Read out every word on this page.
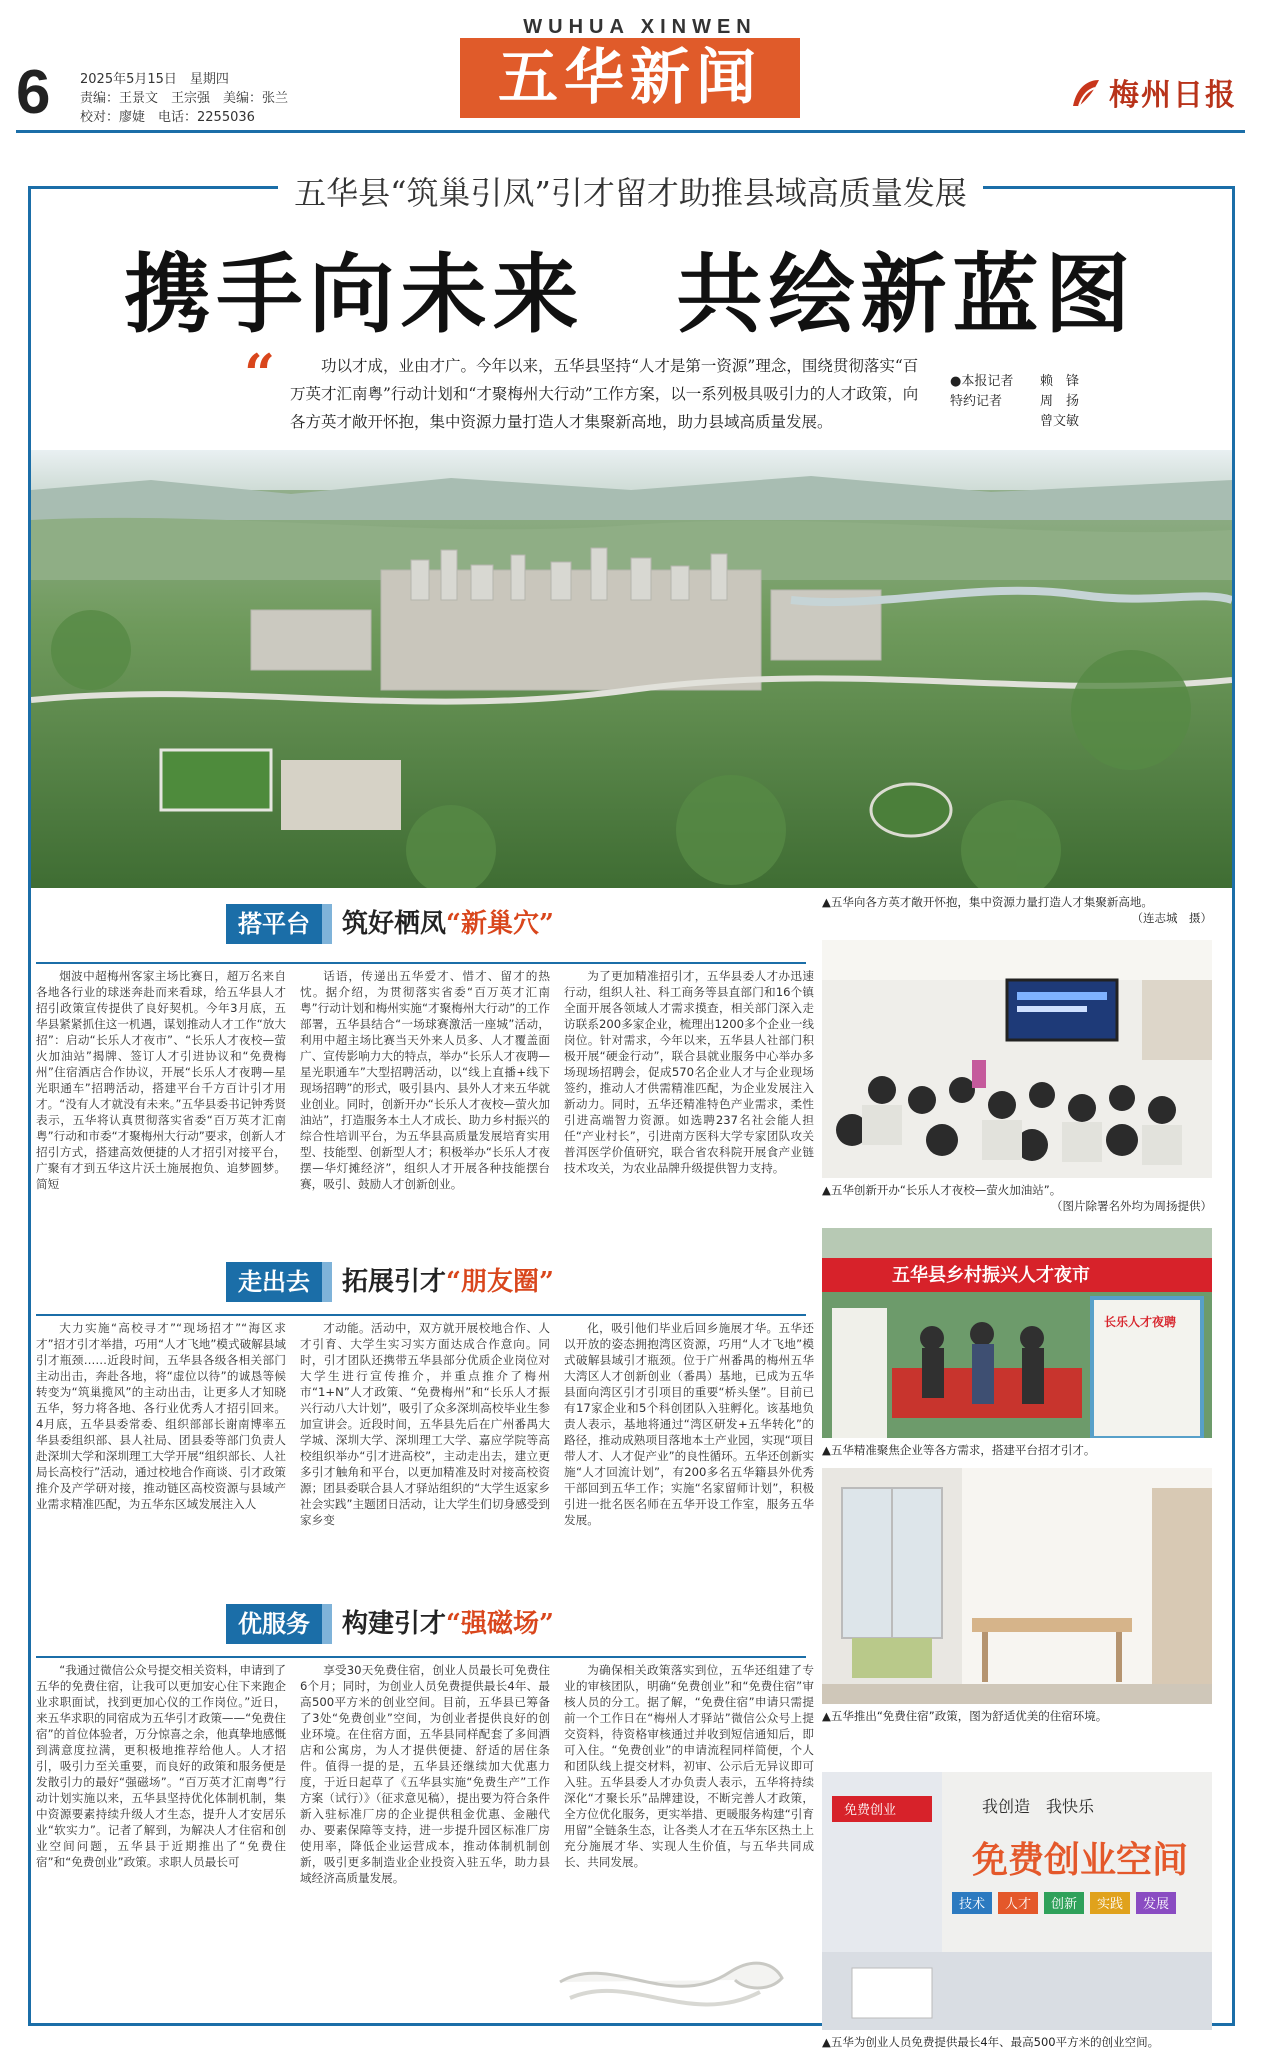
6 2025年5月15日　星期四
责编：王景文　王宗强　美编：张兰
校对：廖婕　电话：2255036
WUHUA XINWEN
五华新闻	梅州日报
五华县“筑巢引凤”引才留才助推县域高质量发展
携手向未来　共绘新蓝图
“	功以才成，业由才广。今年以来，五华县坚持“人才是第一资源”理念，围绕贯彻落实“百万英才汇南粤”行动计划和“才聚梅州大行动”工作方案，以一系列极具吸引力的人才政策，向各方英才敞开怀抱，集中资源力量打造人才集聚新高地，助力县域高质量发展。
●本报记者	赖　锋
特约记者	周　扬
曾文敏
搭平台 筑好栖凤“新巢穴”

烟波中超梅州客家主场比赛日，超万名来自各地各行业的球迷奔赴而来看球，给五华县人才招引政策宣传提供了良好契机。今年3月底，五华县紧紧抓住这一机遇，谋划推动人才工作“放大招”：启动“长乐人才夜市”、“长乐人才夜校—萤火加油站”揭牌、签订人才引进协议和“免费梅州”住宿酒店合作协议，开展“长乐人才夜聘—星光职通车”招聘活动，搭建平台千方百计引才用才。“没有人才就没有未来。”五华县委书记钟秀贤表示，五华将认真贯彻落实省委“百万英才汇南粤”行动和市委“才聚梅州大行动”要求，创新人才招引方式，搭建高效便捷的人才招引对接平台，广聚有才到五华这片沃土施展抱负、追梦圆梦。简短

话语，传递出五华爱才、惜才、留才的热忱。据介绍，为贯彻落实省委“百万英才汇南粤”行动计划和梅州实施“才聚梅州大行动”的工作部署，五华县结合“一场球赛激活一座城”活动，利用中超主场比赛当天外来人员多、人才覆盖面广、宣传影响力大的特点，举办“长乐人才夜聘—星光职通车”大型招聘活动，以“线上直播+线下现场招聘”的形式，吸引县内、县外人才来五华就业创业。同时，创新开办“长乐人才夜校—萤火加油站”，打造服务本土人才成长、助力乡村振兴的综合性培训平台，为五华县高质量发展培育实用型、技能型、创新型人才；积极举办“长乐人才夜摆—华灯摊经济”，组织人才开展各种技能摆台赛，吸引、鼓励人才创新创业。

为了更加精准招引才，五华县委人才办迅速行动，组织人社、科工商务等县直部门和16个镇全面开展各领域人才需求摸查，相关部门深入走访联系200多家企业，梳理出1200多个企业一线岗位。针对需求，今年以来，五华县人社部门积极开展“硬金行动”，联合县就业服务中心举办多场现场招聘会，促成570名企业人才与企业现场签约，推动人才供需精准匹配，为企业发展注入新动力。同时，五华还精准特色产业需求，柔性引进高端智力资源。如选聘237名社会能人担任“产业村长”，引进南方医科大学专家团队攻关普洱医学价值研究，联合省农科院开展食产业链技术攻关，为农业品牌升级提供智力支持。

走出去 拓展引才“朋友圈”

大力实施“高校寻才”“现场招才”“海区求才”招才引才举措，巧用“人才飞地”模式破解县域引才瓶颈……近段时间，五华县各级各相关部门主动出击，奔赴各地，将“虚位以待”的诚恳等候转变为“筑巢揽风”的主动出击，让更多人才知晓五华，努力将各地、各行业优秀人才招引回来。4月底，五华县委常委、组织部部长谢南博率五华县委组织部、县人社局、团县委等部门负责人赴深圳大学和深圳理工大学开展“组织部长、人社局长高校行”活动，通过校地合作商谈、引才政策推介及产学研对接，推动链区高校资源与县域产业需求精准匹配，为五华东区域发展注入人

才动能。活动中，双方就开展校地合作、人才引育、大学生实习实方面达成合作意向。同时，引才团队还携带五华县部分优质企业岗位对大学生进行宣传推介，并重点推介了梅州市“1+N”人才政策、“免费梅州”和“长乐人才振兴行动八大计划”，吸引了众多深圳高校毕业生参加宣讲会。近段时间，五华县先后在广州番禺大学城、深圳大学、深圳理工大学、嘉应学院等高校组织举办“引才进高校”，主动走出去，建立更多引才触角和平台，以更加精准及时对接高校资源；团县委联合县人才驿站组织的“大学生返家乡社会实践”主题团日活动，让大学生们切身感受到家乡变

化，吸引他们毕业后回乡施展才华。五华还以开放的姿态拥抱湾区资源，巧用“人才飞地”模式破解县域引才瓶颈。位于广州番禺的梅州五华大湾区人才创新创业（番禺）基地，已成为五华县面向湾区引才引项目的重要“桥头堡”。目前已有17家企业和5个科创团队入驻孵化。该基地负责人表示，基地将通过“湾区研发+五华转化”的路径，推动成熟项目落地本土产业园，实现“项目带人才、人才促产业”的良性循环。五华还创新实施“人才回流计划”，有200多名五华籍县外优秀干部回到五华工作；实施“名家留师计划”，积极引进一批名医名师在五华开设工作室，服务五华发展。

优服务 构建引才“强磁场”

“我通过微信公众号提交相关资料，申请到了五华的免费住宿，让我可以更加安心住下来跑企业求职面试，找到更加心仪的工作岗位。”近日，来五华求职的同宿成为五华引才政策——“免费住宿”的首位体验者，万分惊喜之余，他真挚地感慨到满意度拉满，更积极地推荐给他人。人才招引，吸引力至关重要，而良好的政策和服务便是发散引力的最好“强磁场”。“百万英才汇南粤”行动计划实施以来，五华县坚持优化体制机制，集中资源要素持续升级人才生态，提升人才安居乐业“软实力”。记者了解到，为解决人才住宿和创业空间问题，五华县于近期推出了“免费住宿”和“免费创业”政策。求职人员最长可

享受30天免费住宿，创业人员最长可免费住6个月；同时，为创业人员免费提供最长4年、最高500平方米的创业空间。目前，五华县已筹备了3处“免费创业”空间，为创业者提供良好的创业环境。在住宿方面，五华县同样配套了多间酒店和公寓房，为人才提供便捷、舒适的居住条件。值得一提的是，五华县还继续加大优惠力度，于近日起草了《五华县实施“免费生产”工作方案（试行）》（征求意见稿），提出要为符合条件新入驻标准厂房的企业提供租金优惠、金融代办、要素保障等支持，进一步提升园区标准厂房使用率，降低企业运营成本，推动体制机制创新，吸引更多制造业企业投资入驻五华，助力县域经济高质量发展。

为确保相关政策落实到位，五华还组建了专业的审核团队，明确“免费创业”和“免费住宿”审核人员的分工。据了解，“免费住宿”申请只需提前一个工作日在“梅州人才驿站”微信公众号上提交资料，待资格审核通过并收到短信通知后，即可入住。“免费创业”的申请流程同样简便，个人和团队线上提交材料，初审、公示后无异议即可入驻。五华县委人才办负责人表示，五华将持续深化“才聚长乐”品牌建设，不断完善人才政策，全方位优化服务，更实举措、更暖服务构建“引育用留”全链条生态，让各类人才在五华东区热土上充分施展才华、实现人生价值，与五华共同成长、共同发展。

▲五华向各方英才敞开怀抱，集中资源力量打造人才集聚新高地。
（连志城　摄）
▲五华创新开办“长乐人才夜校—萤火加油站”。
（图片除署名外均为周扬提供）
五华县乡村振兴人才夜市
长乐人才夜聘
▲五华精准聚焦企业等各方需求，搭建平台招才引才。
▲五华推出“免费住宿”政策，图为舒适优美的住宿环境。
免费创业	我创造　我快乐
免费创业空间
技术 人才 创新 实践 发展
▲五华为创业人员免费提供最长4年、最高500平方米的创业空间。
